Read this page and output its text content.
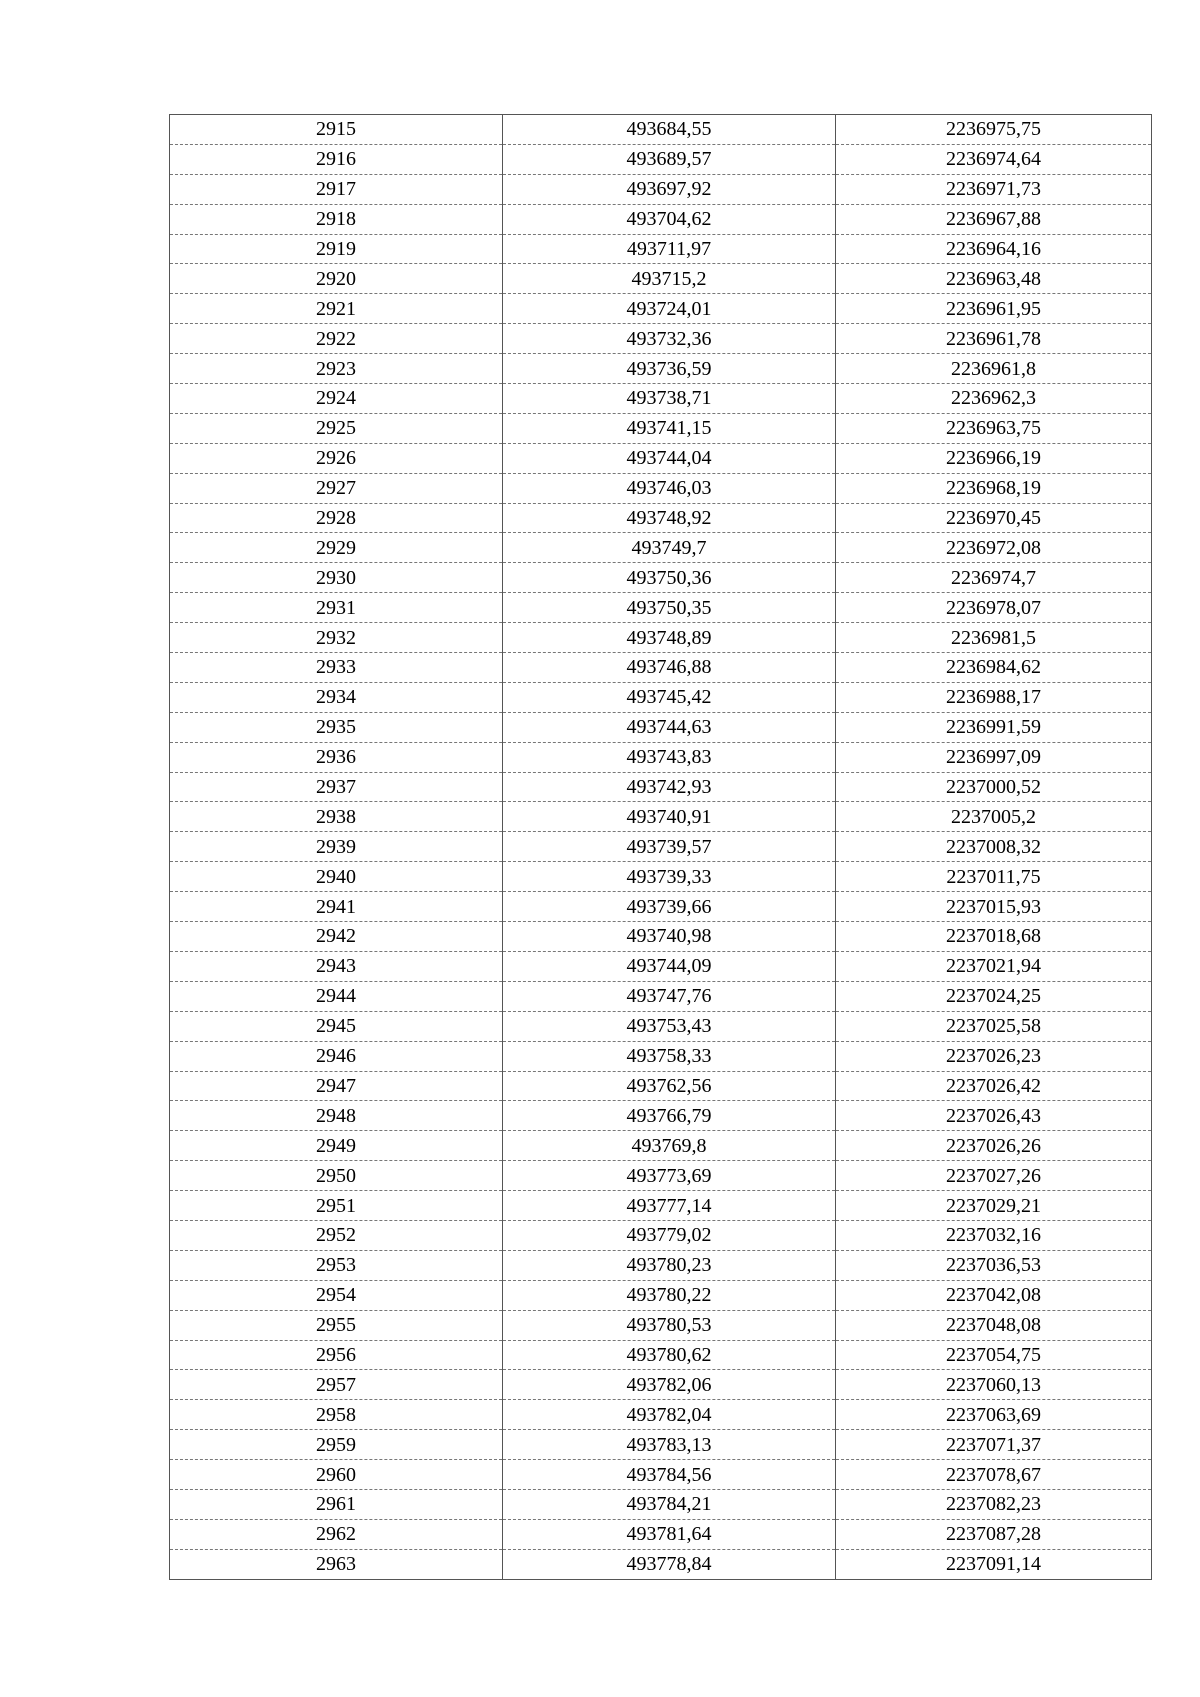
2915	493684,55	2236975,75
2916	493689,57	2236974,64
2917	493697,92	2236971,73
2918	493704,62	2236967,88
2919	493711,97	2236964,16
2920	493715,2	2236963,48
2921	493724,01	2236961,95
2922	493732,36	2236961,78
2923	493736,59	2236961,8
2924	493738,71	2236962,3
2925	493741,15	2236963,75
2926	493744,04	2236966,19
2927	493746,03	2236968,19
2928	493748,92	2236970,45
2929	493749,7	2236972,08
2930	493750,36	2236974,7
2931	493750,35	2236978,07
2932	493748,89	2236981,5
2933	493746,88	2236984,62
2934	493745,42	2236988,17
2935	493744,63	2236991,59
2936	493743,83	2236997,09
2937	493742,93	2237000,52
2938	493740,91	2237005,2
2939	493739,57	2237008,32
2940	493739,33	2237011,75
2941	493739,66	2237015,93
2942	493740,98	2237018,68
2943	493744,09	2237021,94
2944	493747,76	2237024,25
2945	493753,43	2237025,58
2946	493758,33	2237026,23
2947	493762,56	2237026,42
2948	493766,79	2237026,43
2949	493769,8	2237026,26
2950	493773,69	2237027,26
2951	493777,14	2237029,21
2952	493779,02	2237032,16
2953	493780,23	2237036,53
2954	493780,22	2237042,08
2955	493780,53	2237048,08
2956	493780,62	2237054,75
2957	493782,06	2237060,13
2958	493782,04	2237063,69
2959	493783,13	2237071,37
2960	493784,56	2237078,67
2961	493784,21	2237082,23
2962	493781,64	2237087,28
2963	493778,84	2237091,14
